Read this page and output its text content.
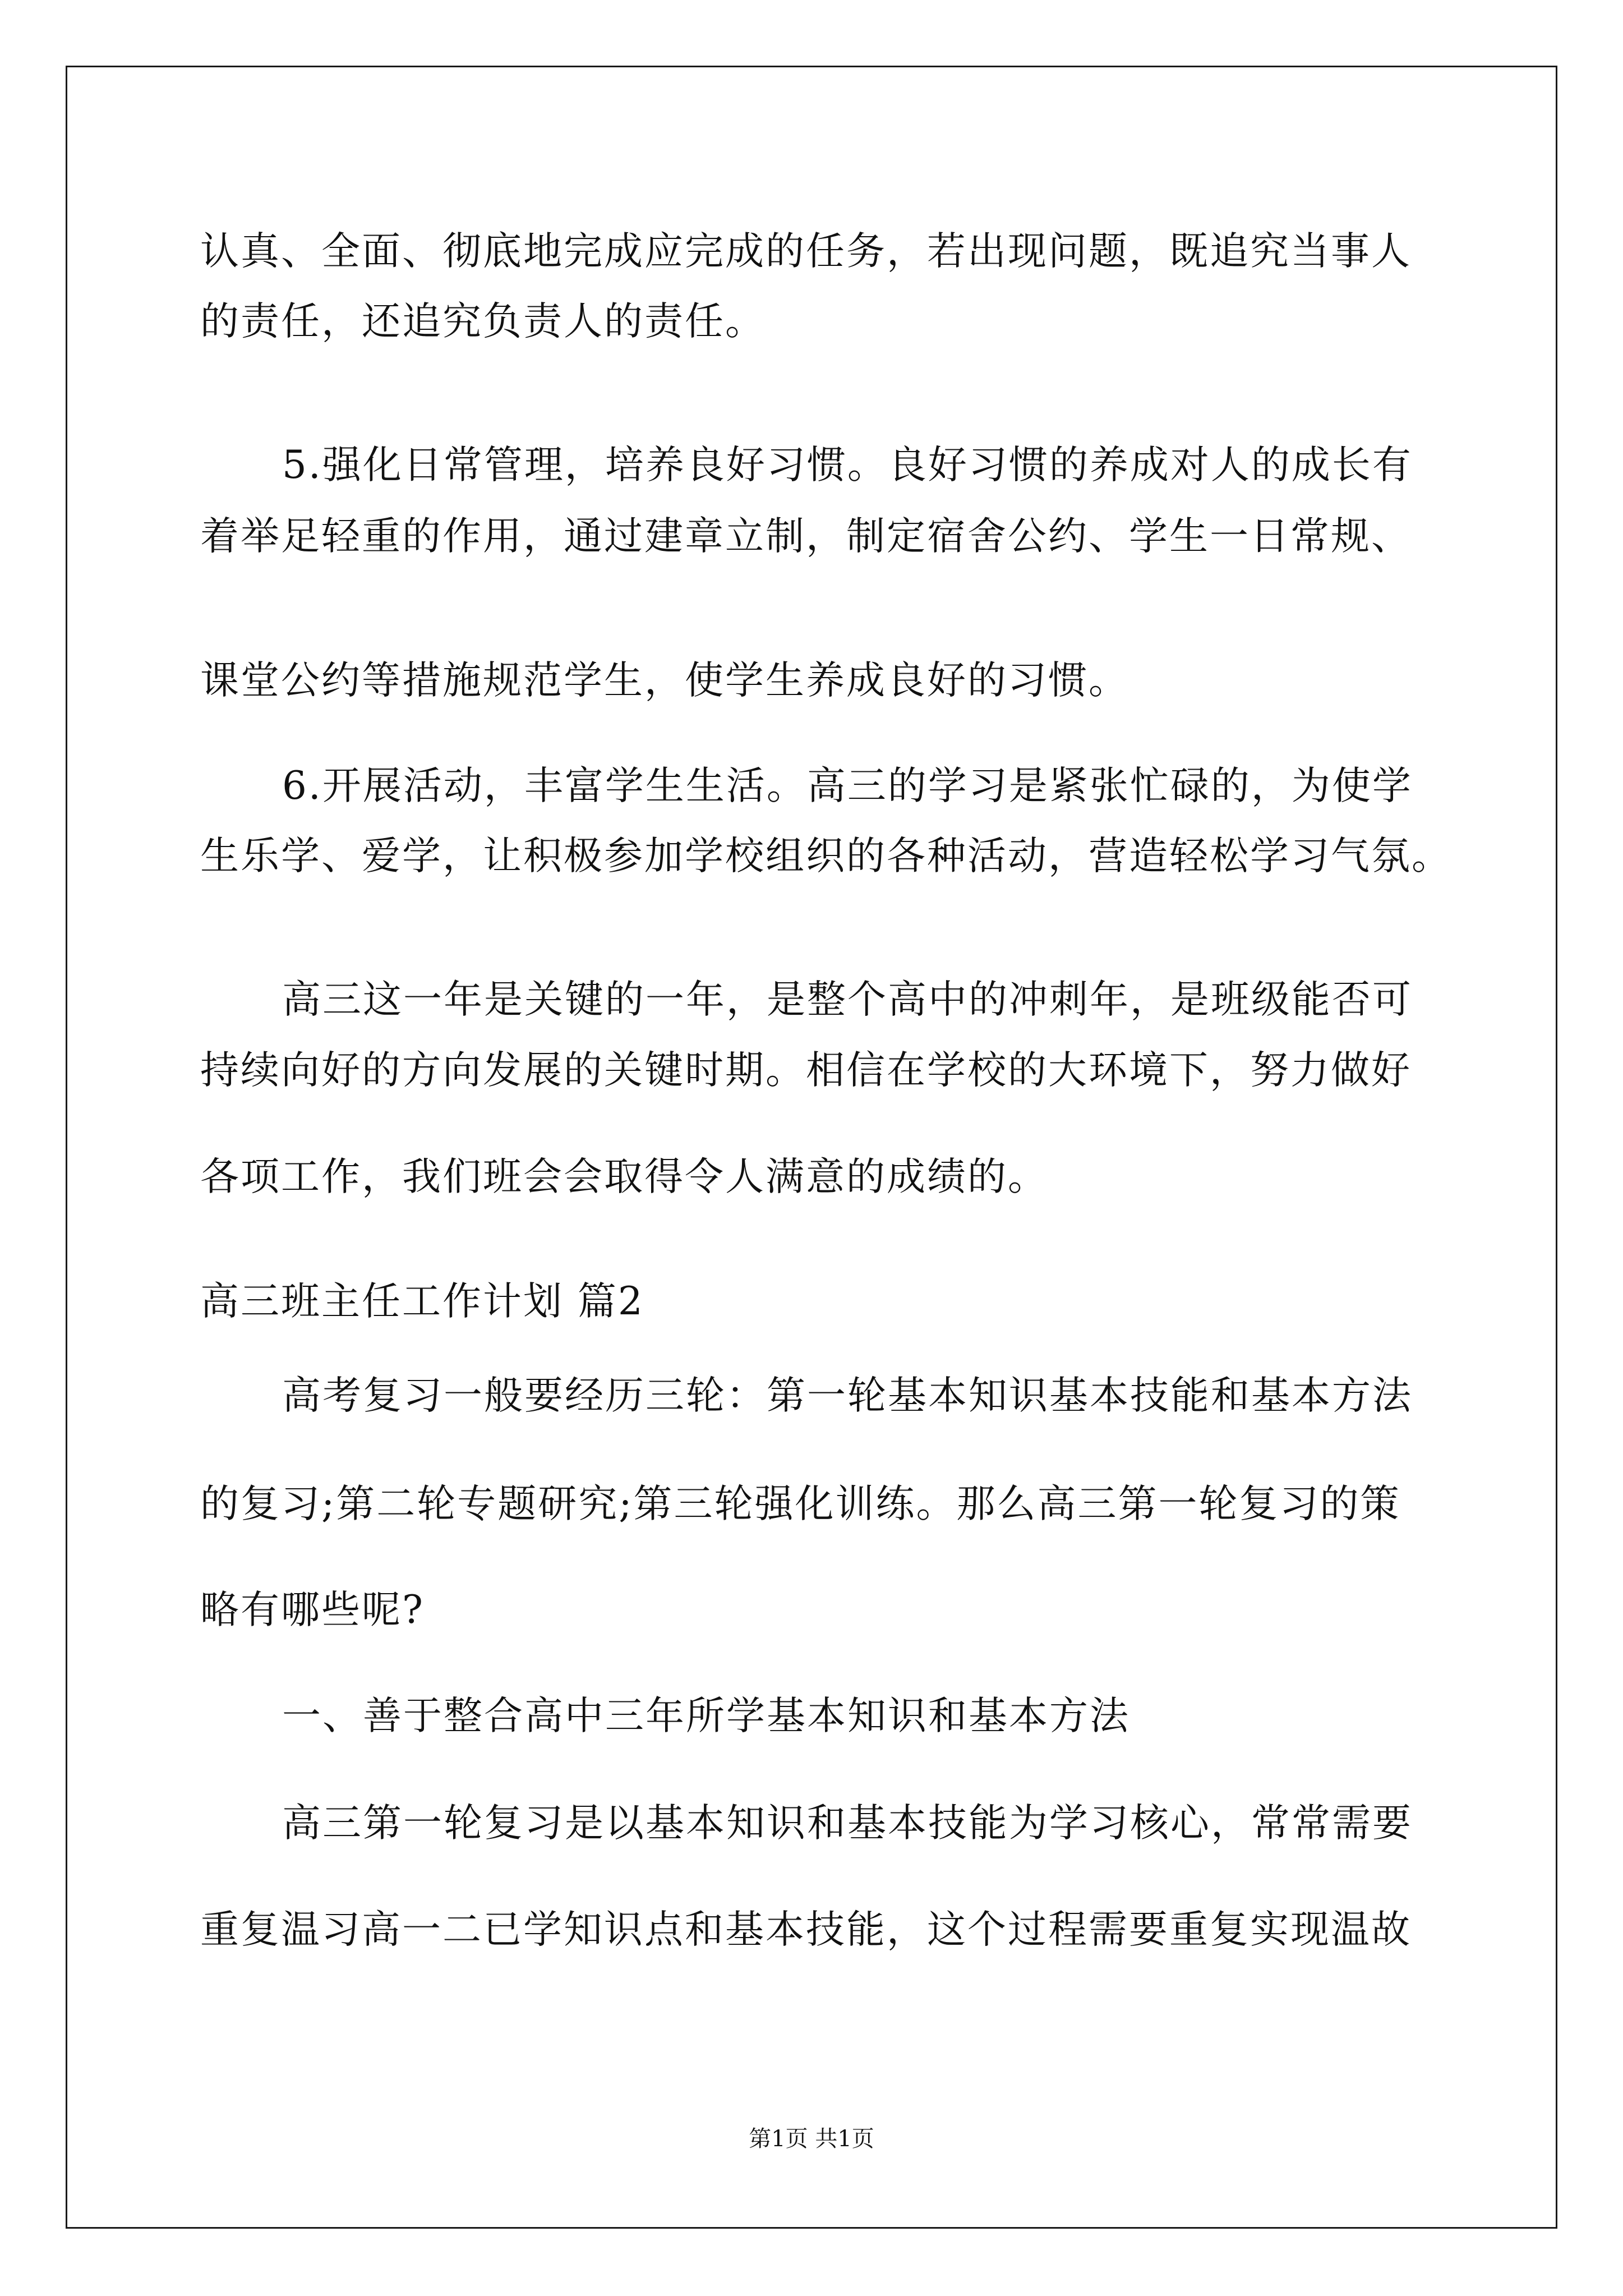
认真、全面、彻底地完成应完成的任务，若出现问题，既追究当事人
的责任，还追究负责人的责任。
5.强化日常管理，培养良好习惯。良好习惯的养成对人的成长有
着举足轻重的作用，通过建章立制，制定宿舍公约、学生一日常规、
课堂公约等措施规范学生，使学生养成良好的习惯。
6.开展活动，丰富学生生活。高三的学习是紧张忙碌的，为使学
生乐学、爱学，让积极参加学校组织的各种活动，营造轻松学习气氛。
高三这一年是关键的一年，是整个高中的冲刺年，是班级能否可
持续向好的方向发展的关键时期。相信在学校的大环境下，努力做好
各项工作，我们班会会取得令人满意的成绩的。
高三班主任工作计划 篇2
高考复习一般要经历三轮：第一轮基本知识基本技能和基本方法
的复习;第二轮专题研究;第三轮强化训练。那么高三第一轮复习的策
略有哪些呢?
一、善于整合高中三年所学基本知识和基本方法
高三第一轮复习是以基本知识和基本技能为学习核心，常常需要
重复温习高一二已学知识点和基本技能，这个过程需要重复实现温故
第1页 共1页
